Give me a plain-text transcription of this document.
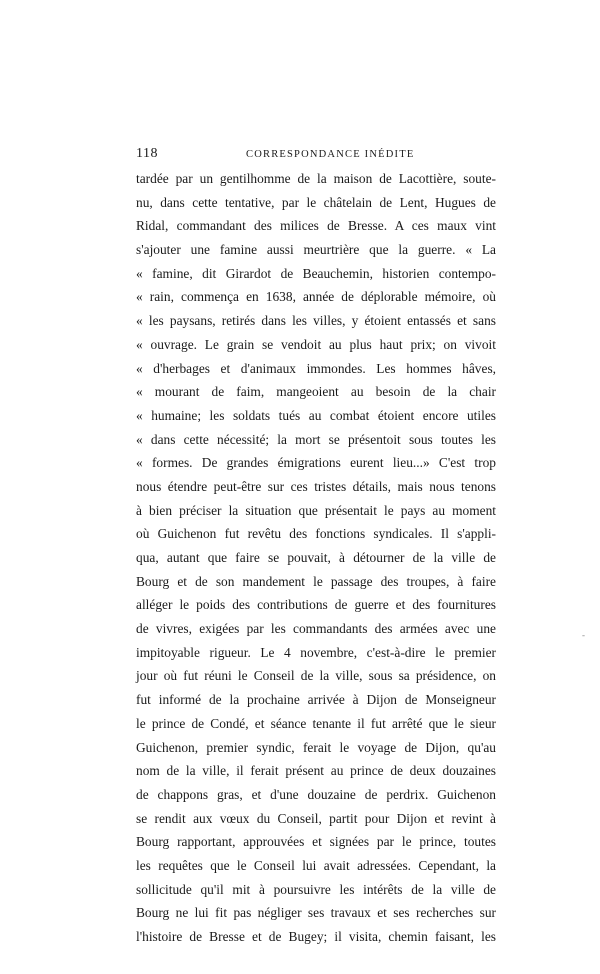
118	CORRESPONDANCE INÉDITE
tardée par un gentilhomme de la maison de Lacottière, soute-
nu, dans cette tentative, par le châtelain de Lent, Hugues de
Ridal, commandant des milices de Bresse. A ces maux vint
s'ajouter une famine aussi meurtrière que la guerre. « La
« famine, dit Girardot de Beauchemin, historien contempo-
« rain, commença en 1638, année de déplorable mémoire, où
« les paysans, retirés dans les villes, y étoient entassés et sans
« ouvrage. Le grain se vendoit au plus haut prix; on vivoit
« d'herbages et d'animaux immondes. Les hommes hâves,
« mourant de faim, mangeoient au besoin de la chair
« humaine; les soldats tués au combat étoient encore utiles
« dans cette nécessité; la mort se présentoit sous toutes les
« formes. De grandes émigrations eurent lieu...» C'est trop
nous étendre peut-être sur ces tristes détails, mais nous tenons
à bien préciser la situation que présentait le pays au moment
où Guichenon fut revêtu des fonctions syndicales. Il s'appli-
qua, autant que faire se pouvait, à détourner de la ville de
Bourg et de son mandement le passage des troupes, à faire
alléger le poids des contributions de guerre et des fournitures
de vivres, exigées par les commandants des armées avec une
impitoyable rigueur. Le 4 novembre, c'est-à-dire le premier
jour où fut réuni le Conseil de la ville, sous sa présidence, on
fut informé de la prochaine arrivée à Dijon de Monseigneur
le prince de Condé, et séance tenante il fut arrêté que le sieur
Guichenon, premier syndic, ferait le voyage de Dijon, qu'au
nom de la ville, il ferait présent au prince de deux douzaines
de chappons gras, et d'une douzaine de perdrix. Guichenon
se rendit aux vœux du Conseil, partit pour Dijon et revint à
Bourg rapportant, approuvées et signées par le prince, toutes
les requêtes que le Conseil lui avait adressées. Cependant, la
sollicitude qu'il mit à poursuivre les intérêts de la ville de
Bourg ne lui fit pas négliger ses travaux et ses recherches sur
l'histoire de Bresse et de Bugey; il visita, chemin faisant, les
-
